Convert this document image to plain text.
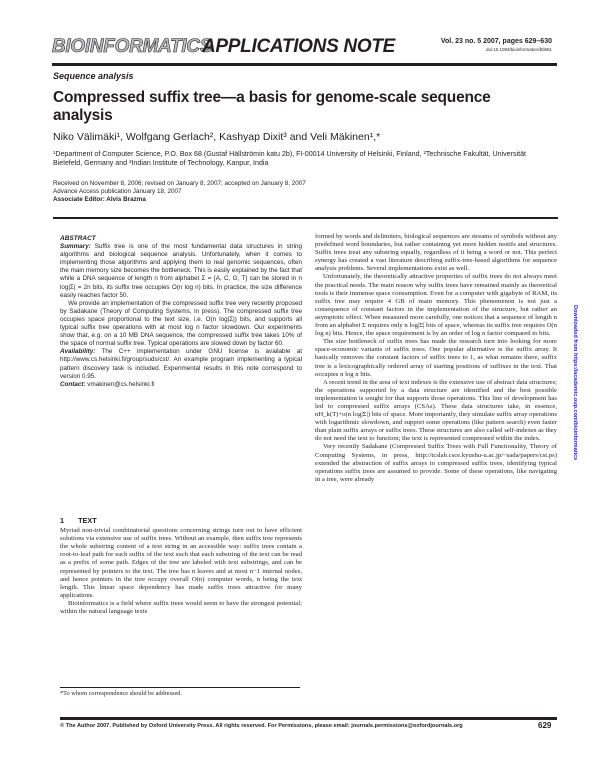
BIOINFORMATICS
APPLICATIONS NOTE	Vol. 23 no. 5 2007, pages 629–630
doi:10.1093/bioinformatics/btl681
Sequence analysis
Compressed suffix tree—a basis for genome-scale sequence analysis
Niko Välimäki¹, Wolfgang Gerlach², Kashyap Dixit³ and Veli Mäkinen¹,*
¹Department of Computer Science, P.O. Box 68 (Gustaf Hällströmin katu 2b), FI-00014 University of Helsinki, Finland, ²Technische Fakultät, Universität Bielefeld, Germany and ³Indian Institute of Technology, Kanpur, India
Received on November 8, 2006; revised on January 8, 2007; accepted on January 8, 2007
Advance Access publication January 18, 2007
Associate Editor: Alvis Brazma
ABSTRACT

Summary: Suffix tree is one of the most fundamental data structures in string algorithms and biological sequence analysis. Unfortunately, when it comes to implementing those algorithms and applying them to real genomic sequences, often the main memory size becomes the bottleneck. This is easily explained by the fact that while a DNA sequence of length n from alphabet Σ = {A, C, G, T} can be stored in n log|Σ| = 2n bits, its suffix tree occupies O(n log n) bits. In practice, the size difference easily reaches factor 50.

We provide an implementation of the compressed suffix tree very recently proposed by Sadakane (Theory of Computing Systems, in press). The compressed suffix tree occupies space proportional to the text size, i.e. O(n log|Σ|) bits, and supports all typical suffix tree operations with at most log n factor slowdown. Our experiments show that, e.g. on a 10 MB DNA sequence, the compressed suffix tree takes 10% of the space of normal suffix tree. Typical operations are slowed down by factor 60.

Availability: The C++ implementation under GNU license is available at http://www.cs.helsinki.fi/group/suds/cst/. An example program implementing a typical pattern discovery task is included. Experimental results in this note correspond to version 0.95.

Contact: vmakinen@cs.helsinki.fi

1 TEXT

Myriad non-trivial combinatorial questions concerning strings turn out to have efficient solutions via extensive use of suffix trees. Without an example, then suffix tree represents the whole substring content of a text string in an accessible way: suffix trees contain a root-to-leaf path for each suffix of the text such that each substring of the text can be read as a prefix of some path. Edges of the tree are labeled with text substrings, and can be represented by pointers to the text. The tree has n leaves and at most n−1 internal nodes, and hence pointers in the tree occupy overall O(n) computer words, n being the text length. This linear space dependency has made suffix trees attractive for many applications.

Bioinformatics is a field where suffix trees would seem to have the strongest potential; within the natural language texts

formed by words and delimiters, biological sequences are streams of symbols without any predefined word boundaries, but rather containing yet more hidden motifs and structures. Suffix trees treat any substring equally, regardless of it being a word or not. This perfect synergy has created a vast literature describing suffix-tree-based algorithms for sequence analysis problems. Several implementations exist as well.

Unfortunately, the theoretically attractive properties of suffix trees do not always meet the practical needs. The main reason why suffix trees have remained mainly as theoretical tools is their immense space consumption. Even for a computer with gigabyte of RAM, its suffix tree may require 4 GB of main memory. This phenomenon is not just a consequence of constant factors in the implementation of the structure, but rather an asymptotic effect. When measured more carefully, one notices that a sequence of length n from an alphabet Σ requires only n log|Σ| bits of space, whereas its suffix tree requires O(n log n) bits. Hence, the space requirement is by an order of log n factor compared to bits.

The size bottleneck of suffix trees has made the research turn into looking for more space-economic variants of suffix trees. One popular alternative is the suffix array. It basically removes the constant factors of suffix trees to 1, as what remains there, suffix tree is a lexicographically ordered array of starting positions of suffixes in the text. That occupies n log n bits.

A recent trend in the area of text indexes is the extensive use of abstract data structures; the operations supported by a data structure are identified and the best possible implementation is sought for that supports those operations. This line of development has led to compressed suffix arrays (CSAs). These data structures take, in essence, nH_k(T)+o(n log|Σ|) bits of space. More importantly, they simulate suffix array operations with logarithmic slowdown, and support some operations (like pattern search) even faster than plain suffix arrays or suffix trees. These structures are also called self-indexes as they do not need the text to function; the text is represented compressed within the index.

Very recently Sadakane (Compressed Suffix Trees with Full Functionality, Theory of Computing Systems, in press, http://tcslab.csce.kyushu-u.ac.jp/~sada/papers/cst.ps) extended the abstraction of suffix arrays to compressed suffix trees, identifying typical operations suffix trees are assumed to provide. Some of these operations, like navigating in a tree, were already

*To whom correspondence should be addressed.
© The Author 2007. Published by Oxford University Press. All rights reserved. For Permissions, please email: journals.permissions@oxfordjournals.org	629
Downloaded from https://academic.oup.com/bioinformatics
